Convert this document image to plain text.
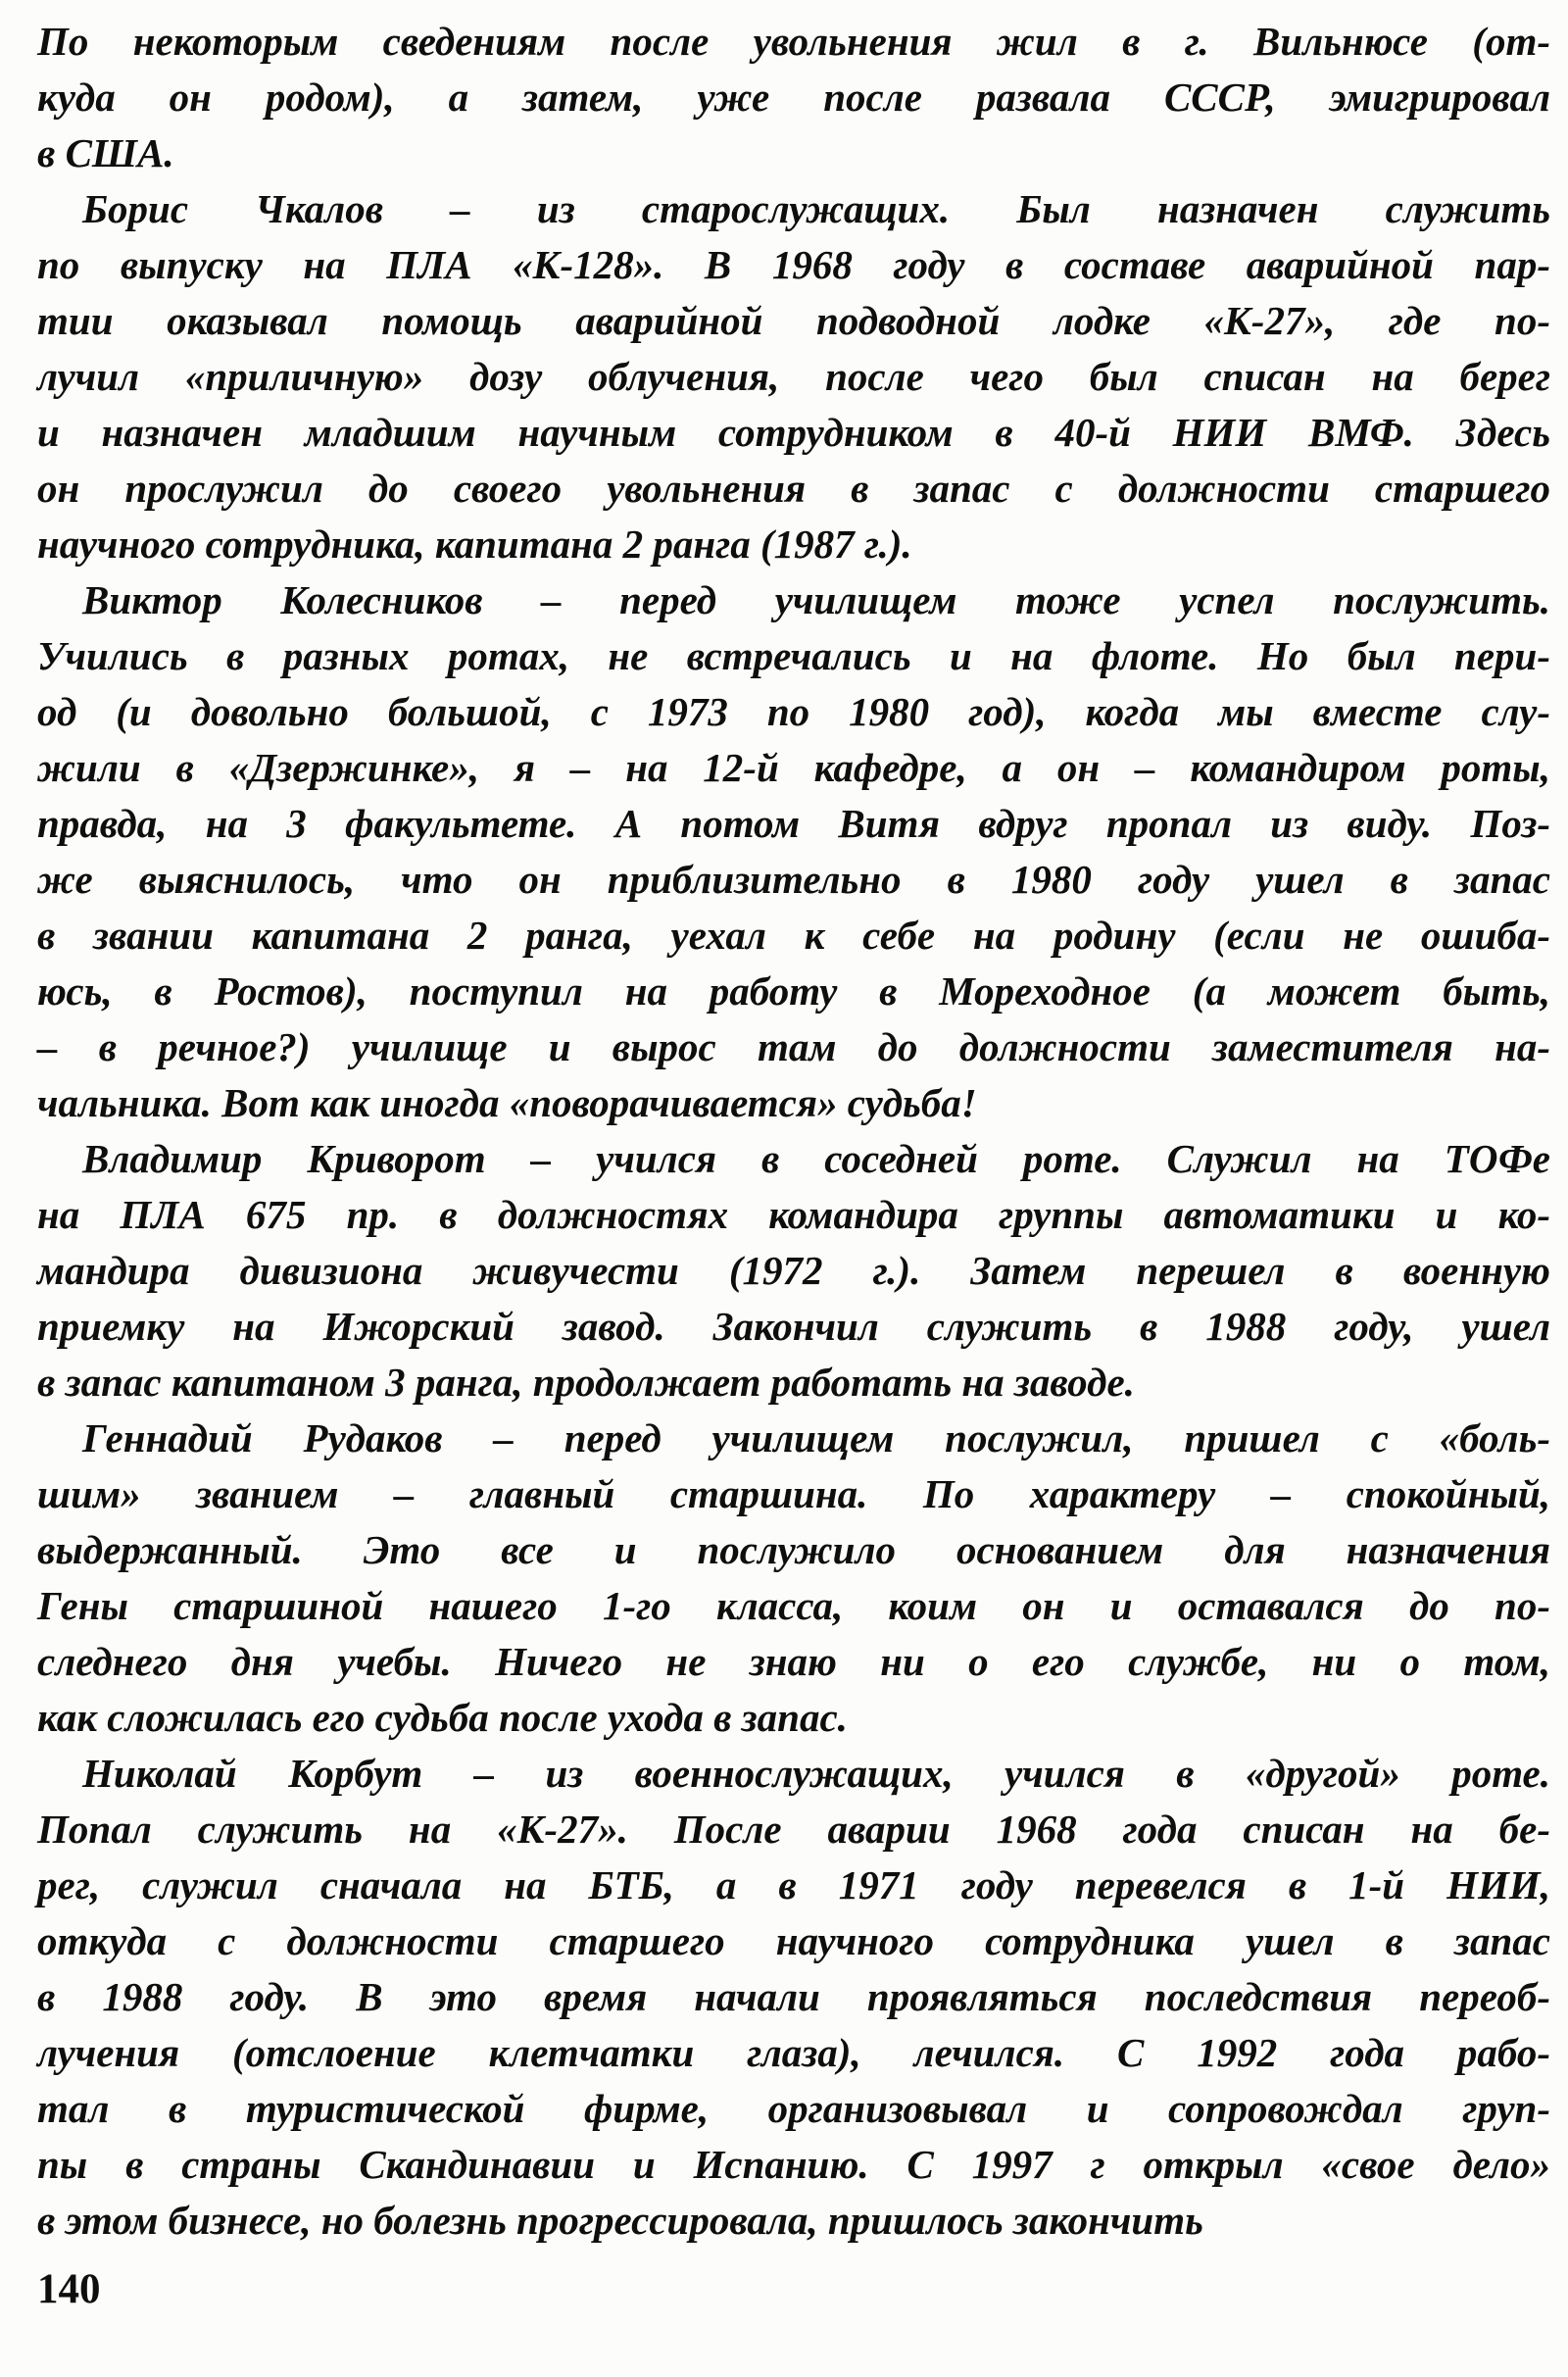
По некоторым сведениям после увольнения жил в г. Вильнюсе (от-
куда он родом), а затем, уже после развала СССР, эмигрировал
в США.
Борис Чкалов – из старослужащих. Был назначен служить
по выпуску на ПЛА «К-128». В 1968 году в составе аварийной пар-
тии оказывал помощь аварийной подводной лодке «К-27», где по-
лучил «приличную» дозу облучения, после чего был списан на берег
и назначен младшим научным сотрудником в 40-й НИИ ВМФ. Здесь
он прослужил до своего увольнения в запас с должности старшего
научного сотрудника, капитана 2 ранга (1987 г.).
Виктор Колесников – перед училищем тоже успел послужить.
Учились в разных ротах, не встречались и на флоте. Но был пери-
од (и довольно большой, с 1973 по 1980 год), когда мы вместе слу-
жили в «Дзержинке», я – на 12-й кафедре, а он – командиром роты,
правда, на 3 факультете. А потом Витя вдруг пропал из виду. Поз-
же выяснилось, что он приблизительно в 1980 году ушел в запас
в звании капитана 2 ранга, уехал к себе на родину (если не ошиба-
юсь, в Ростов), поступил на работу в Мореходное (а может быть,
– в речное?) училище и вырос там до должности заместителя на-
чальника. Вот как иногда «поворачивается» судьба!
Владимир Криворот – учился в соседней роте. Служил на ТОФе
на ПЛА 675 пр. в должностях командира группы автоматики и ко-
мандира дивизиона живучести (1972 г.). Затем перешел в военную
приемку на Ижорский завод. Закончил служить в 1988 году, ушел
в запас капитаном 3 ранга, продолжает работать на заводе.
Геннадий Рудаков – перед училищем послужил, пришел с «боль-
шим» званием – главный старшина. По характеру – спокойный,
выдержанный. Это все и послужило основанием для назначения
Гены старшиной нашего 1-го класса, коим он и оставался до по-
следнего дня учебы. Ничего не знаю ни о его службе, ни о том,
как сложилась его судьба после ухода в запас.
Николай Корбут – из военнослужащих, учился в «другой» роте.
Попал служить на «К-27». После аварии 1968 года списан на бе-
рег, служил сначала на БТБ, а в 1971 году перевелся в 1-й НИИ,
откуда с должности старшего научного сотрудника ушел в запас
в 1988 году. В это время начали проявляться последствия переоб-
лучения (отслоение клетчатки глаза), лечился. С 1992 года рабо-
тал в туристической фирме, организовывал и сопровождал груп-
пы в страны Скандинавии и Испанию. С 1997 г открыл «свое дело»
в этом бизнесе, но болезнь прогрессировала, пришлось закончить
140
